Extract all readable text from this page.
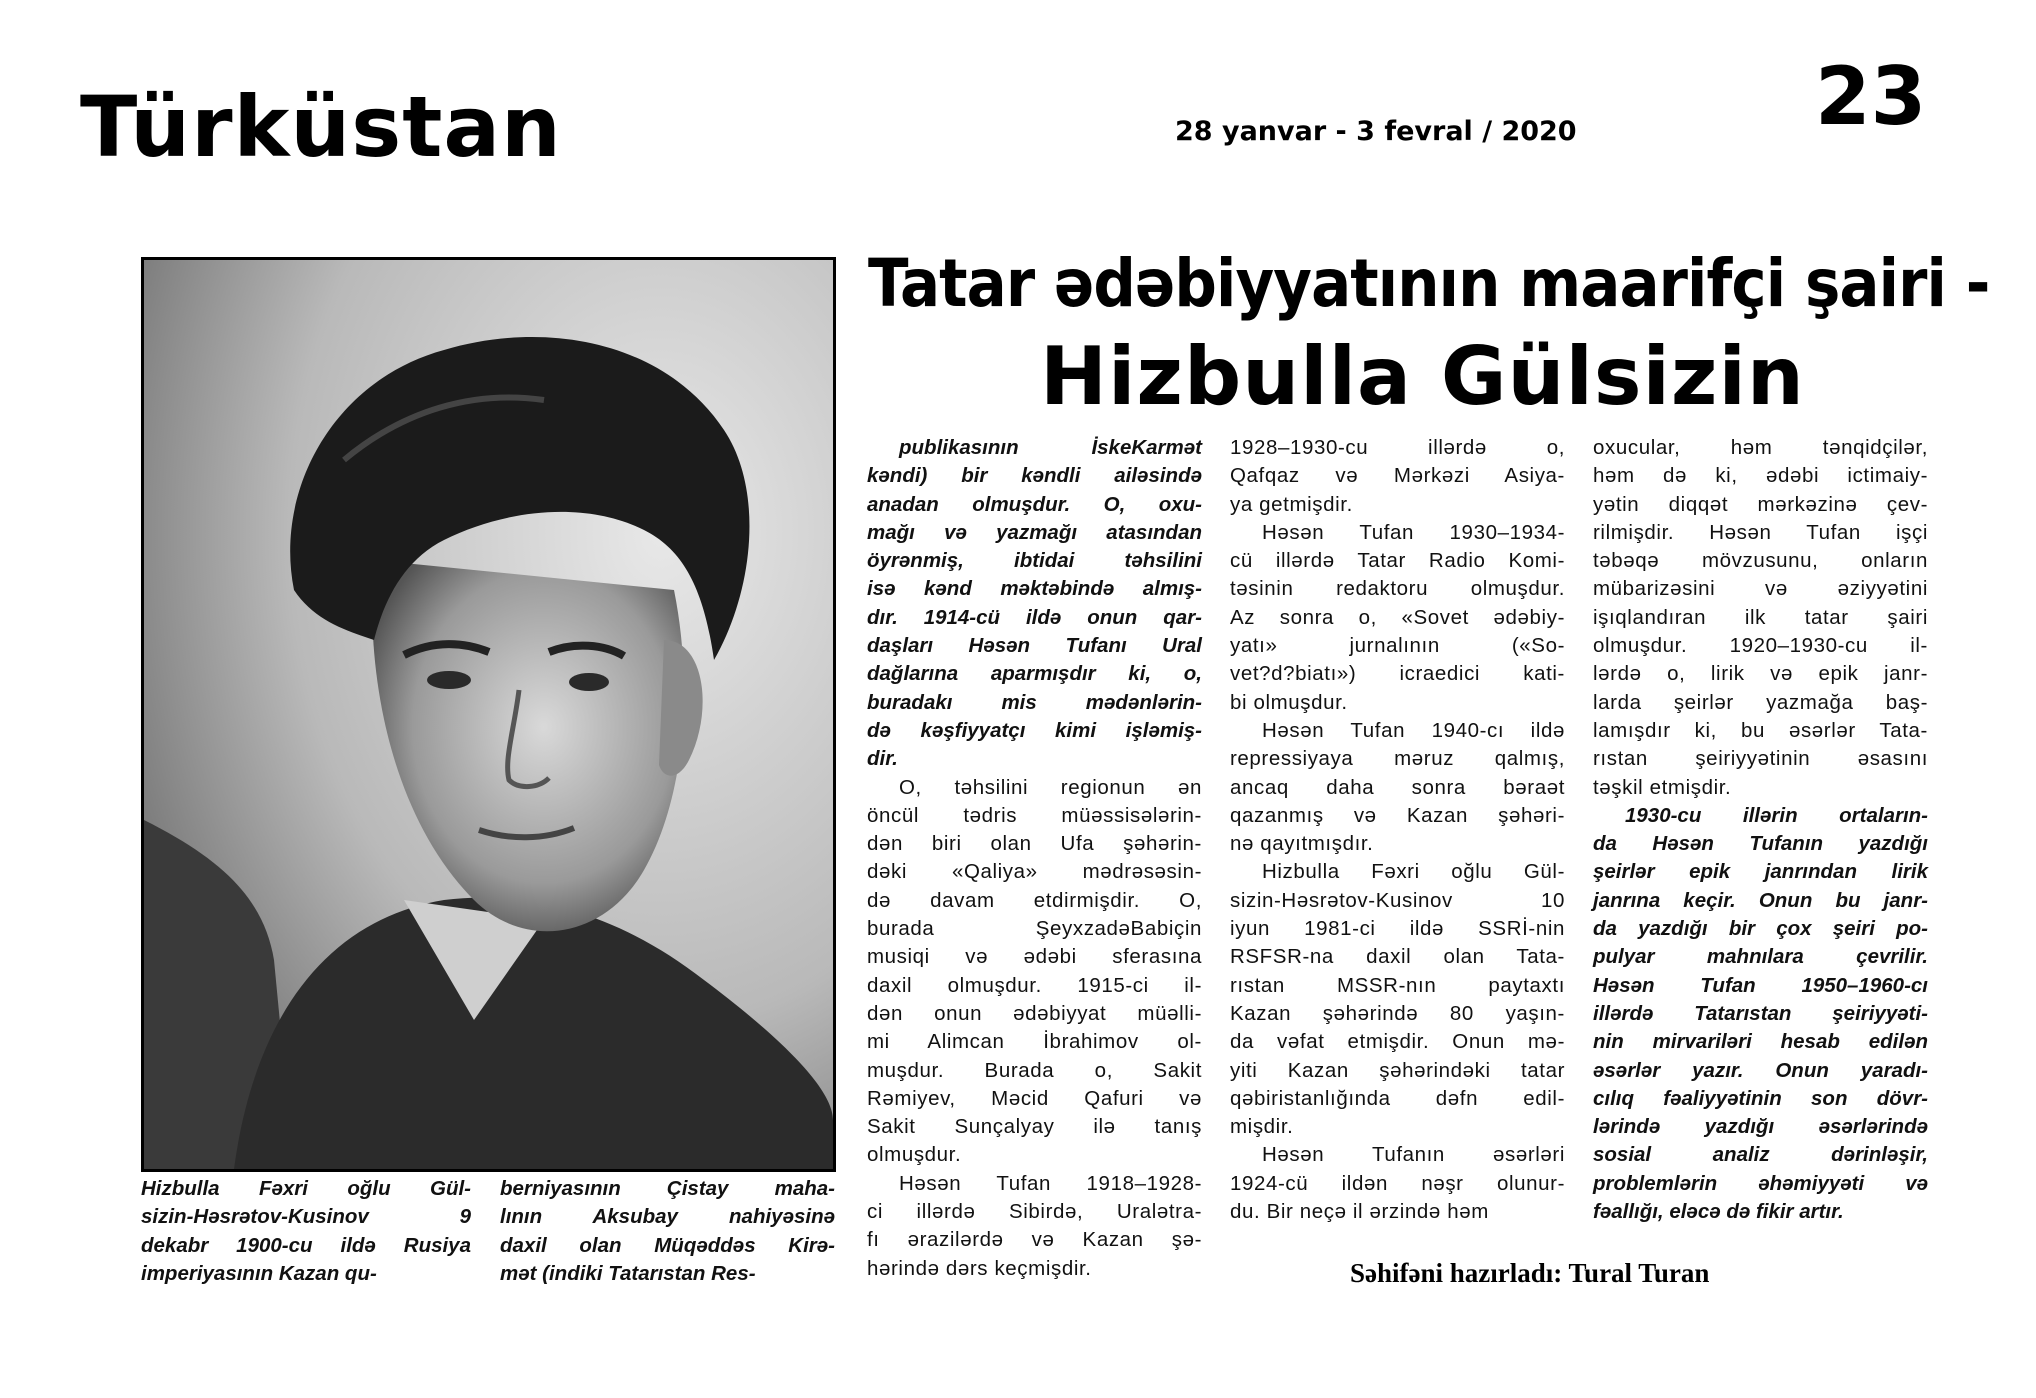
Türküstan	28 yanvar - 3 fevral / 2020	23
Tatar ədəbiyyatının maarifçi şairi -
Hizbulla Gülsizin
Hizbulla Fəxri oğlu Gül-
sizin-Həsrətov-Kusinov 9
dekabr 1900-cu ildə Rusiya
imperiyasının Kazan qu-
berniyasının Çistay maha-
lının Aksubay nahiyəsinə
daxil olan Müqəddəs Kirə-
mət (indiki Tatarıstan Res-
publikasının İskeKarmət
kəndi) bir kəndli ailəsində
anadan olmuşdur. O, oxu-
mağı və yazmağı atasından
öyrənmiş, ibtidai təhsilini
isə kənd məktəbində almış-
dır. 1914-cü ildə onun qar-
daşları Həsən Tufanı Ural
dağlarına aparmışdır ki, o,
buradakı mis mədənlərin-
də kəşfiyyatçı kimi işləmiş-
dir.
O, təhsilini regionun ən
öncül tədris müəssisələrin-
dən biri olan Ufa şəhərin-
dəki «Qaliya» mədrəsəsin-
də davam etdirmişdir. O,
burada ŞeyxzadəBabiçin
musiqi və ədəbi sferasına
daxil olmuşdur. 1915-ci il-
dən onun ədəbiyyat müəlli-
mi Alimcan İbrahimov ol-
muşdur. Burada o, Sakit
Rəmiyev, Məcid Qafuri və
Sakit Sunçalyay ilə tanış
olmuşdur.
Həsən Tufan 1918–1928-
ci illərdə Sibirdə, Uralətra-
fı ərazilərdə və Kazan şə-
hərində dərs keçmişdir.
1928–1930-cu illərdə o,
Qafqaz və Mərkəzi Asiya-
ya getmişdir.
Həsən Tufan 1930–1934-
cü illərdə Tatar Radio Komi-
təsinin redaktoru olmuşdur.
Az sonra o, «Sovet ədəbiy-
yatı» jurnalının («So-
vet?d?biatı») icraedici kati-
bi olmuşdur.
Həsən Tufan 1940-cı ildə
repressiyaya məruz qalmış,
ancaq daha sonra bəraət
qazanmış və Kazan şəhəri-
nə qayıtmışdır.
Hizbulla Fəxri oğlu Gül-
sizin-Həsrətov-Kusinov 10
iyun 1981-ci ildə SSRİ-nin
RSFSR-na daxil olan Tata-
rıstan MSSR-nın paytaxtı
Kazan şəhərində 80 yaşın-
da vəfat etmişdir. Onun mə-
yiti Kazan şəhərindəki tatar
qəbiristanlığında dəfn edil-
mişdir.
Həsən Tufanın əsərləri
1924-cü ildən nəşr olunur-
du. Bir neçə il ərzində həm
oxucular, həm tənqidçilər,
həm də ki, ədəbi ictimaiy-
yətin diqqət mərkəzinə çev-
rilmişdir. Həsən Tufan işçi
təbəqə mövzusunu, onların
mübarizəsini və əziyyətini
işıqlandıran ilk tatar şairi
olmuşdur. 1920–1930-cu il-
lərdə o, lirik və epik janr-
larda şeirlər yazmağa baş-
lamışdır ki, bu əsərlər Tata-
rıstan şeiriyyətinin əsasını
təşkil etmişdir.
1930-cu illərin ortaların-
da Həsən Tufanın yazdığı
şeirlər epik janrından lirik
janrına keçir. Onun bu janr-
da yazdığı bir çox şeiri po-
pulyar mahnılara çevrilir.
Həsən Tufan 1950–1960-cı
illərdə Tatarıstan şeiriyyəti-
nin mirvariləri hesab edilən
əsərlər yazır. Onun yaradı-
cılıq fəaliyyətinin son dövr-
lərində yazdığı əsərlərində
sosial analiz dərinləşir,
problemlərin əhəmiyyəti və
fəallığı, eləcə də fikir artır.
Səhifəni hazırladı: Tural Turan
